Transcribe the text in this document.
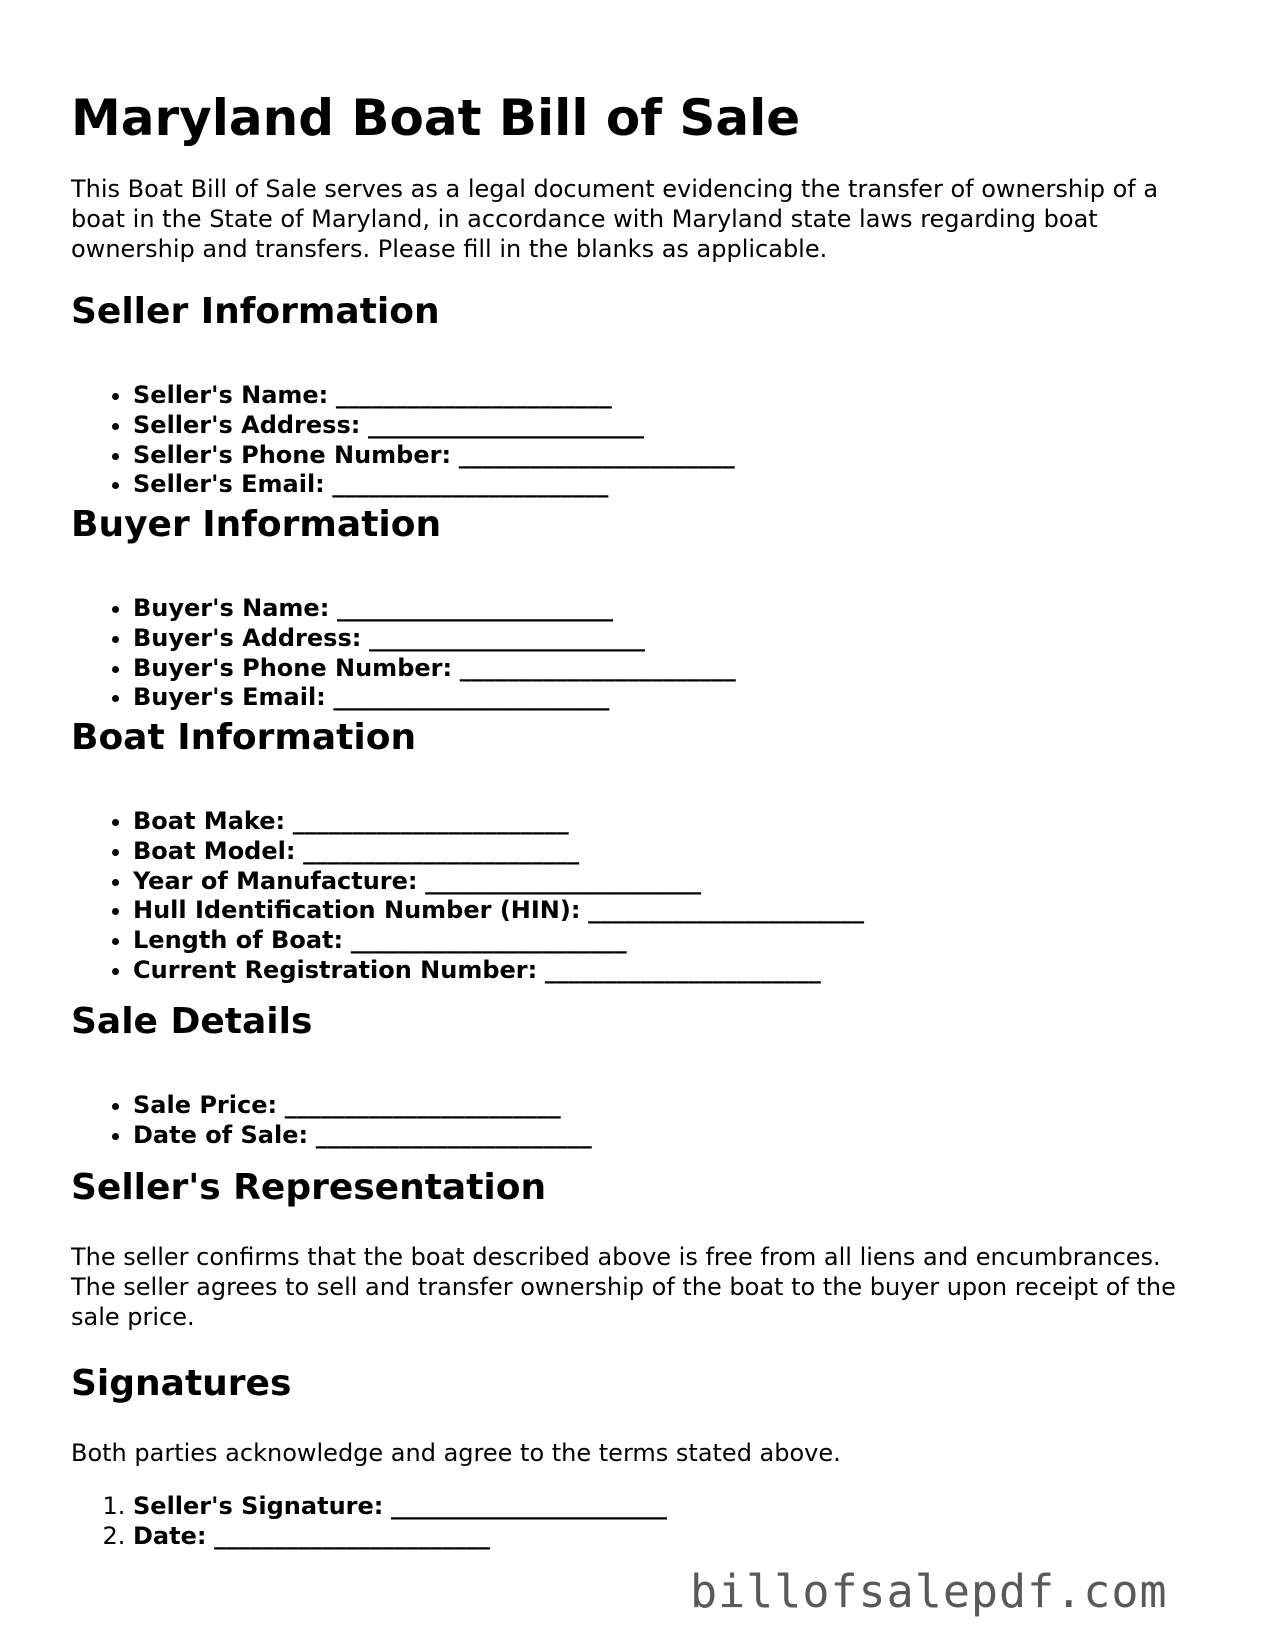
Maryland Boat Bill of Sale

This Boat Bill of Sale serves as a legal document evidencing the transfer of ownership of a boat in the State of Maryland, in accordance with Maryland state laws regarding boat ownership and transfers. Please fill in the blanks as applicable.

Seller Information
• Seller's Name: _______________________
• Seller's Address: _______________________
• Seller's Phone Number: _______________________
• Seller's Email: _______________________
Buyer Information
• Buyer's Name: _______________________
• Buyer's Address: _______________________
• Buyer's Phone Number: _______________________
• Buyer's Email: _______________________
Boat Information
• Boat Make: _______________________
• Boat Model: _______________________
• Year of Manufacture: _______________________
• Hull Identification Number (HIN): _______________________
• Length of Boat: _______________________
• Current Registration Number: _______________________
Sale Details
• Sale Price: _______________________
• Date of Sale: _______________________
Seller's Representation

The seller confirms that the boat described above is free from all liens and encumbrances. The seller agrees to sell and transfer ownership of the boat to the buyer upon receipt of the sale price.

Signatures

Both parties acknowledge and agree to the terms stated above.

1. Seller's Signature: _______________________
2. Date: _______________________
billofsalepdf.com
